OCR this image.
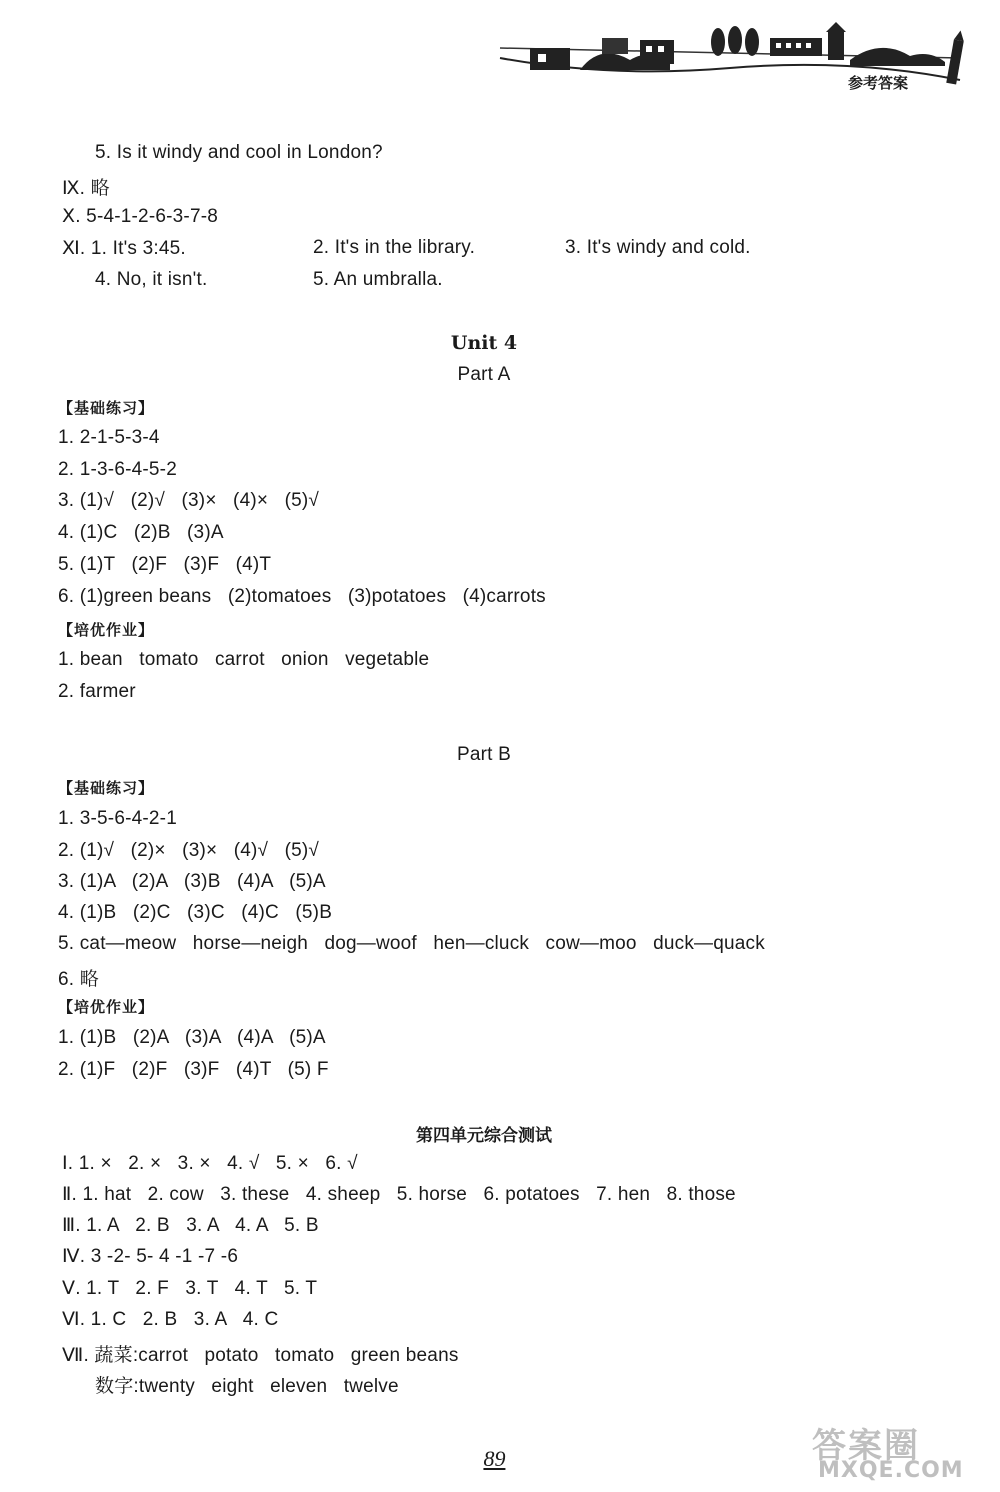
参考答案
5. Is it windy and cool in London?
Ⅸ. 略
Ⅹ. 5-4-1-2-6-3-7-8
Ⅺ. 1. It's 3:45.	2. It's in the library.	3. It's windy and cold.
4. No, it isn't.	5. An umbralla.
Unit 4
Part A
【基础练习】
1. 2-1-5-3-4
2. 1-3-6-4-5-2
3. (1)√   (2)√   (3)×   (4)×   (5)√
4. (1)C   (2)B   (3)A
5. (1)T   (2)F   (3)F   (4)T
6. (1)green beans   (2)tomatoes   (3)potatoes   (4)carrots
【培优作业】
1. bean   tomato   carrot   onion   vegetable
2. farmer
Part B
【基础练习】
1. 3-5-6-4-2-1
2. (1)√   (2)×   (3)×   (4)√   (5)√
3. (1)A   (2)A   (3)B   (4)A   (5)A
4. (1)B   (2)C   (3)C   (4)C   (5)B
5. cat—meow   horse—neigh   dog—woof   hen—cluck   cow—moo   duck—quack
6. 略
【培优作业】
1. (1)B   (2)A   (3)A   (4)A   (5)A
2. (1)F   (2)F   (3)F   (4)T   (5) F
第四单元综合测试
Ⅰ. 1. ×   2. ×   3. ×   4. √   5. ×   6. √
Ⅱ. 1. hat   2. cow   3. these   4. sheep   5. horse   6. potatoes   7. hen   8. those
Ⅲ. 1. A   2. B   3. A   4. A   5. B
Ⅳ. 3 -2- 5- 4 -1 -7 -6
Ⅴ. 1. T   2. F   3. T   4. T   5. T
Ⅵ. 1. C   2. B   3. A   4. C
Ⅶ. 蔬菜:carrot   potato   tomato   green beans
数字:twenty   eight   eleven   twelve

89	答案圈
MXQE.COM
